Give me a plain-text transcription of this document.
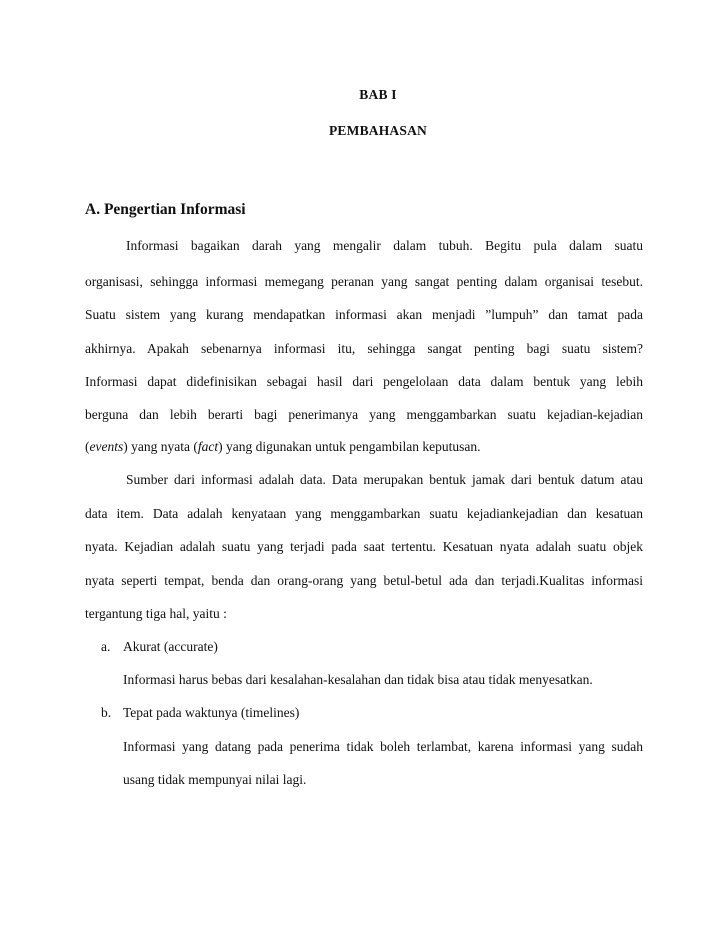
BAB I
PEMBAHASAN
A. Pengertian Informasi
Informasi bagaikan darah yang mengalir dalam tubuh. Begitu pula dalam suatu
organisasi, sehingga informasi memegang peranan yang sangat penting dalam organisai tesebut.
Suatu sistem yang kurang mendapatkan informasi akan menjadi ”lumpuh” dan tamat pada
akhirnya. Apakah sebenarnya informasi itu, sehingga sangat penting bagi suatu sistem?
Informasi dapat didefinisikan sebagai hasil dari pengelolaan data dalam bentuk yang lebih
berguna dan lebih berarti bagi penerimanya yang menggambarkan suatu kejadian-kejadian
(events) yang nyata (fact) yang digunakan untuk pengambilan keputusan.
Sumber dari informasi adalah data. Data merupakan bentuk jamak dari bentuk datum atau
data item. Data adalah kenyataan yang menggambarkan suatu kejadiankejadian dan kesatuan
nyata. Kejadian adalah suatu yang terjadi pada saat tertentu. Kesatuan nyata adalah suatu objek
nyata seperti tempat, benda dan orang-orang yang betul-betul ada dan terjadi.Kualitas informasi
tergantung tiga hal, yaitu :
a. Akurat (accurate)
Informasi harus bebas dari kesalahan-kesalahan dan tidak bisa atau tidak menyesatkan.
b. Tepat pada waktunya (timelines)
Informasi yang datang pada penerima tidak boleh terlambat, karena informasi yang sudah
usang tidak mempunyai nilai lagi.
